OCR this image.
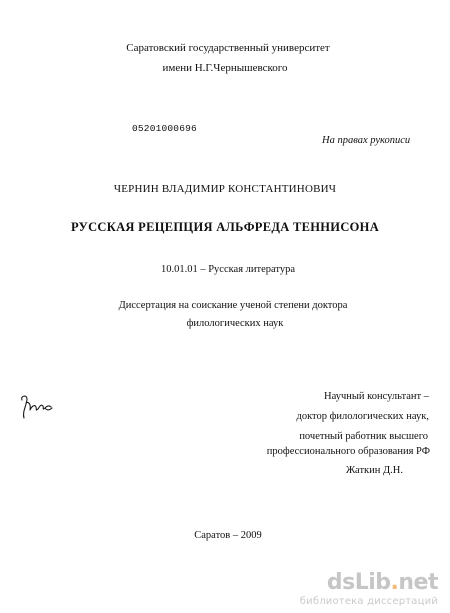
Саратовский государственный университет
имени Н.Г.Чернышевского
05201000696
На правах рукописи
ЧЕРНИН ВЛАДИМИР КОНСТАНТИНОВИЧ
РУССКАЯ РЕЦЕПЦИЯ АЛЬФРЕДА ТЕННИСОНА
10.01.01 – Русская литература
Диссертация на соискание ученой степени доктора
филологических наук
Научный консультант –
доктор филологических наук,
почетный работник высшего
профессионального образования РФ
Жаткин Д.Н.
Саратов – 2009
dsLib.net
библиотека диссертаций
